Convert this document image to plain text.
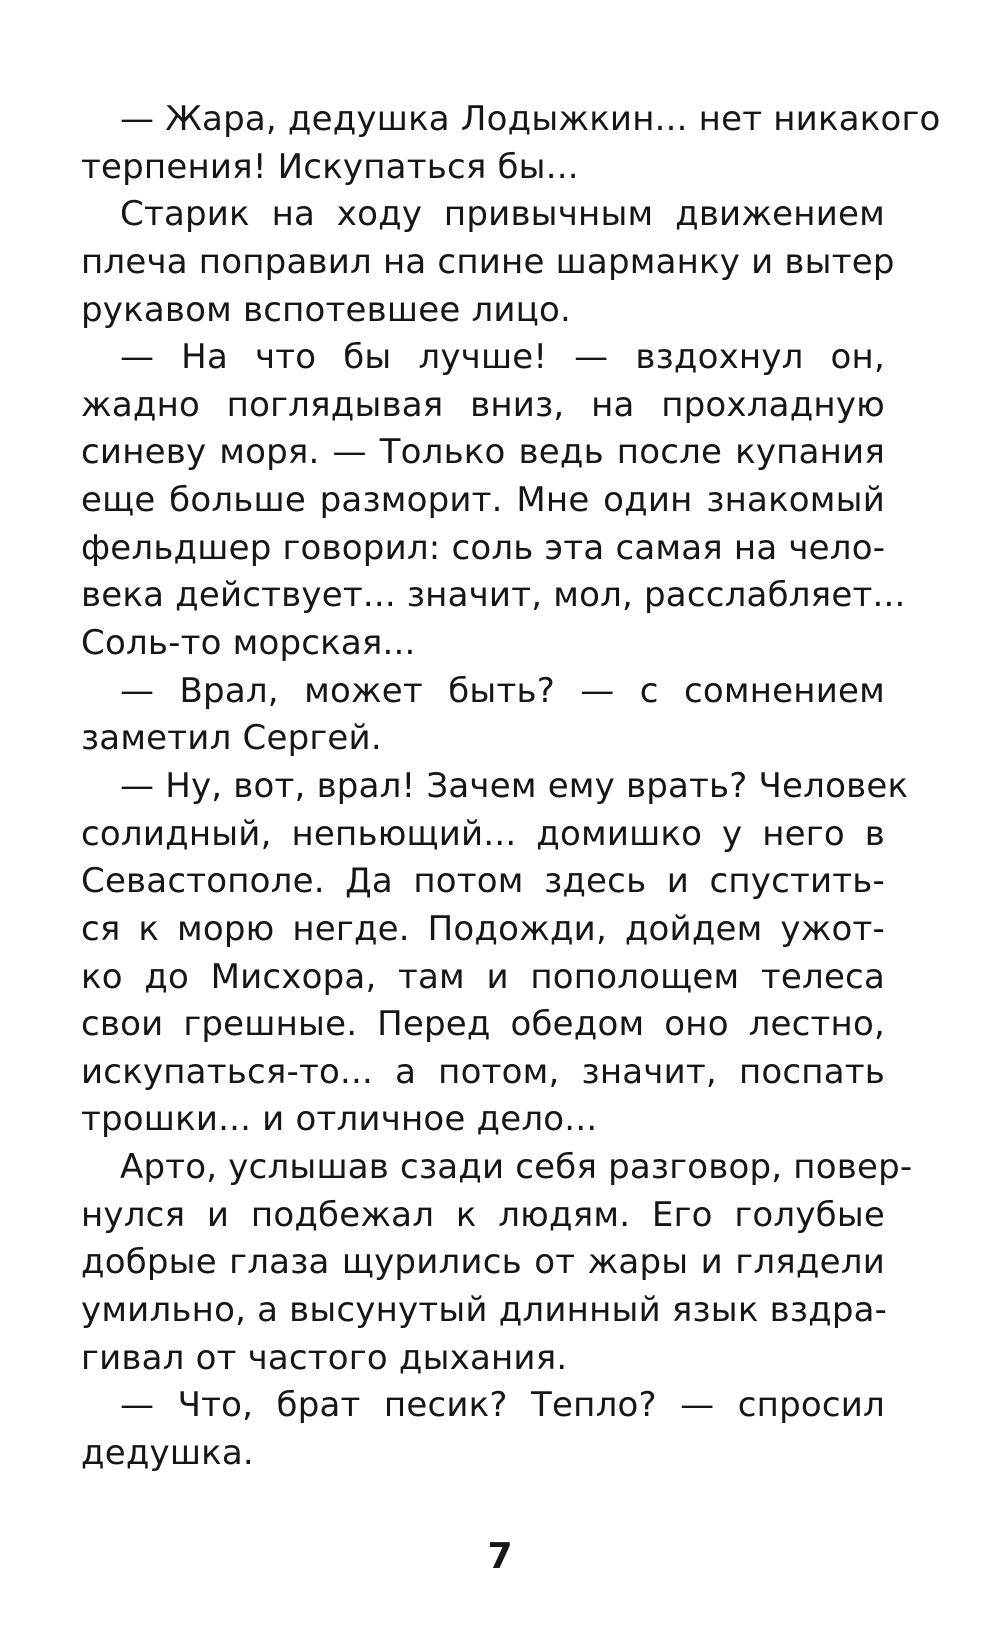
— Жара, дедушка Лодыжкин... нет никакого
терпения! Искупаться бы...
Старик на ходу привычным движением
плеча поправил на спине шарманку и вытер
рукавом вспотевшее лицо.
— На что бы лучше! — вздохнул он,
жадно поглядывая вниз, на прохладную
синеву моря. — Только ведь после купания
еще больше разморит. Мне один знакомый
фельдшер говорил: соль эта самая на чело-
века действует... значит, мол, расслабляет...
Соль-то морская...
— Врал, может быть? — с сомнением
заметил Сергей.
— Ну, вот, врал! Зачем ему врать? Человек
солидный, непьющий... домишко у него в
Севастополе. Да потом здесь и спустить-
ся к морю негде. Подожди, дойдем ужот-
ко до Мисхора, там и пополощем телеса
свои грешные. Перед обедом оно лестно,
искупаться-то... а потом, значит, поспать
трошки... и отличное дело...
Арто, услышав сзади себя разговор, повер-
нулся и подбежал к людям. Его голубые
добрые глаза щурились от жары и глядели
умильно, а высунутый длинный язык вздра-
гивал от частого дыхания.
— Что, брат песик? Тепло? — спросил
дедушка.
7
